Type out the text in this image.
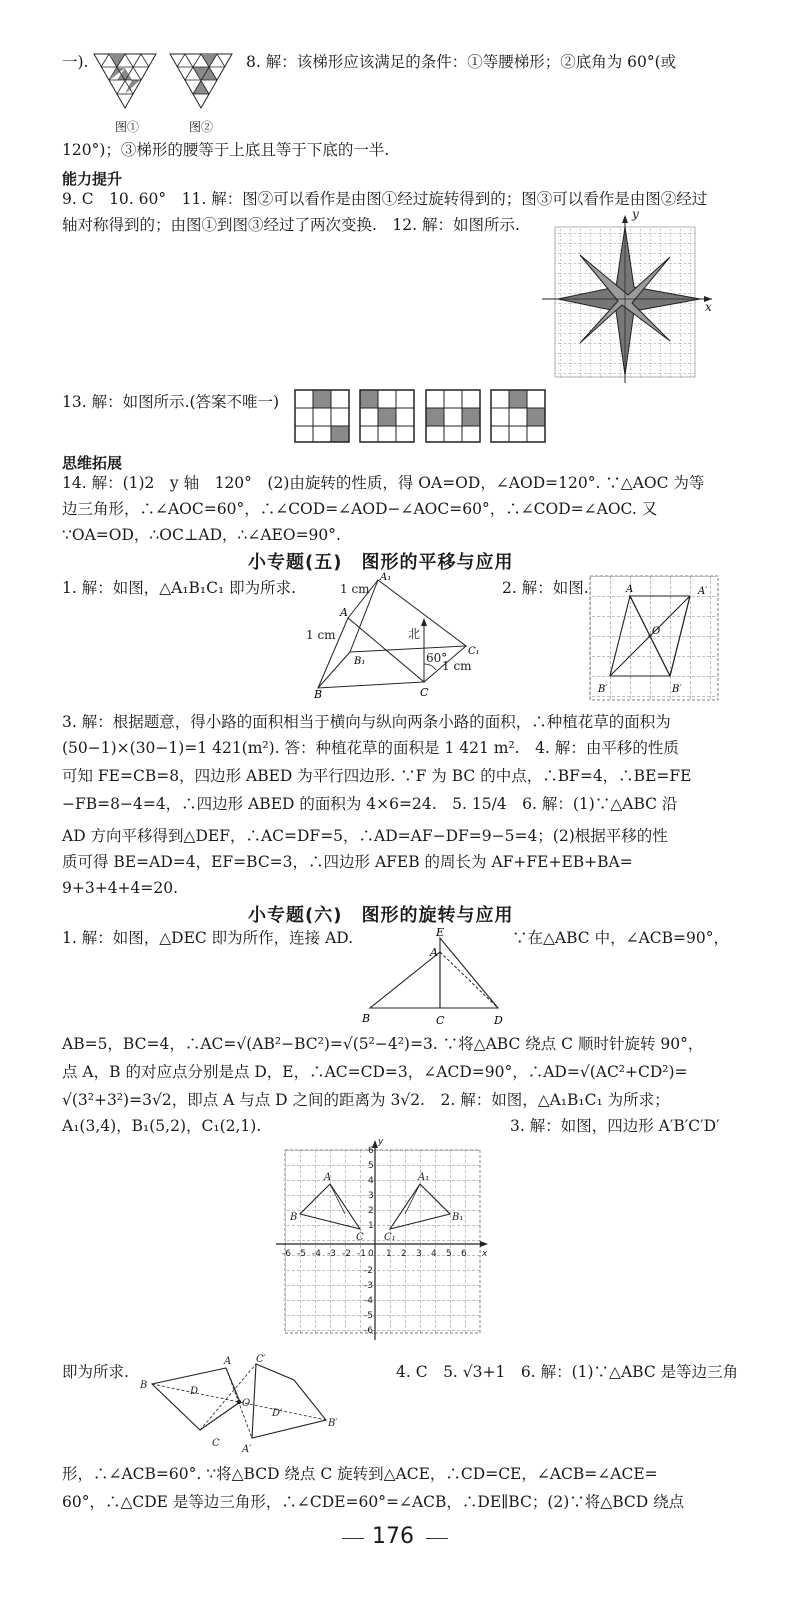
图①	图②
一).	8. 解：该梯形应该满足的条件：①等腰梯形；②底角为 60°(或
120°)；③梯形的腰等于上底且等于下底的一半.
能力提升
9. C　10. 60°　11. 解：图②可以看作是由图①经过旋转得到的；图③可以看作是由图②经过
轴对称得到的；由图①到图③经过了两次变换.　12. 解：如图所示.
x
y
13. 解：如图所示.(答案不唯一)
思维拓展
14. 解：(1)2　y 轴　120°　(2)由旋转的性质，得 OA=OD，∠AOD=120°. ∵△AOC 为等
边三角形，∴∠AOC=60°，∴∠COD=∠AOD−∠AOC=60°，∴∠COD=∠AOC. 又
∵OA=OD，∴OC⊥AD，∴∠AEO=90°.
小专题(五)　图形的平移与应用
1. 解：如图，△A₁B₁C₁ 即为所求.
A
A₁
B
B₁
C
C₁
1 cm
1 cm
1 cm
北
60°
2. 解：如图.	A	A′
O
B′	B′
3. 解：根据题意，得小路的面积相当于横向与纵向两条小路的面积，∴种植花草的面积为
(50−1)×(30−1)=1 421(m²). 答：种植花草的面积是 1 421 m².　4. 解：由平移的性质
可知 FE=CB=8，四边形 ABED 为平行四边形. ∵F 为 BC 的中点，∴BF=4，∴BE=FE
−FB=8−4=4，∴四边形 ABED 的面积为 4×6=24.　5. 15/4　6. 解：(1)∵△ABC 沿
AD 方向平移得到△DEF，∴AC=DF=5，∴AD=AF−DF=9−5=4；(2)根据平移的性
质可得 BE=AD=4，EF=BC=3，∴四边形 AFEB 的周长为 AF+FE+EB+BA=
9+3+4+4=20.
小专题(六)　图形的旋转与应用
1. 解：如图，△DEC 即为所作，连接 AD.
B	C	D
A
E	∵在△ABC 中，∠ACB=90°，
AB=5，BC=4，∴AC=√(AB²−BC²)=√(5²−4²)=3. ∵将△ABC 绕点 C 顺时针旋转 90°，
点 A，B 的对应点分别是点 D，E，∴AC=CD=3，∠ACD=90°，∴AD=√(AC²+CD²)=
√(3²+3²)=3√2，即点 A 与点 D 之间的距离为 3√2.　2. 解：如图，△A₁B₁C₁ 为所求；
A₁(3,4)，B₁(5,2)，C₁(2,1).	3. 解：如图，四边形 A′B′C′D′
-6 -5 -4 -3 -2 -1 0 1 2 3 4 5 6 x
6
5
4
3
2
1
y
-2
-3
-4
-5
-6
A
B
C
A₁
B₁
C₁
即为所求.
B
A
D
O
C
A′
C′
D′
B′
4. C　5. √3+1　6. 解：(1)∵△ABC 是等边三角
形，∴∠ACB=60°. ∵将△BCD 绕点 C 旋转到△ACE，∴CD=CE，∠ACB=∠ACE=
60°，∴△CDE 是等边三角形，∴∠CDE=60°=∠ACB，∴DE∥BC；(2)∵将△BCD 绕点
176
